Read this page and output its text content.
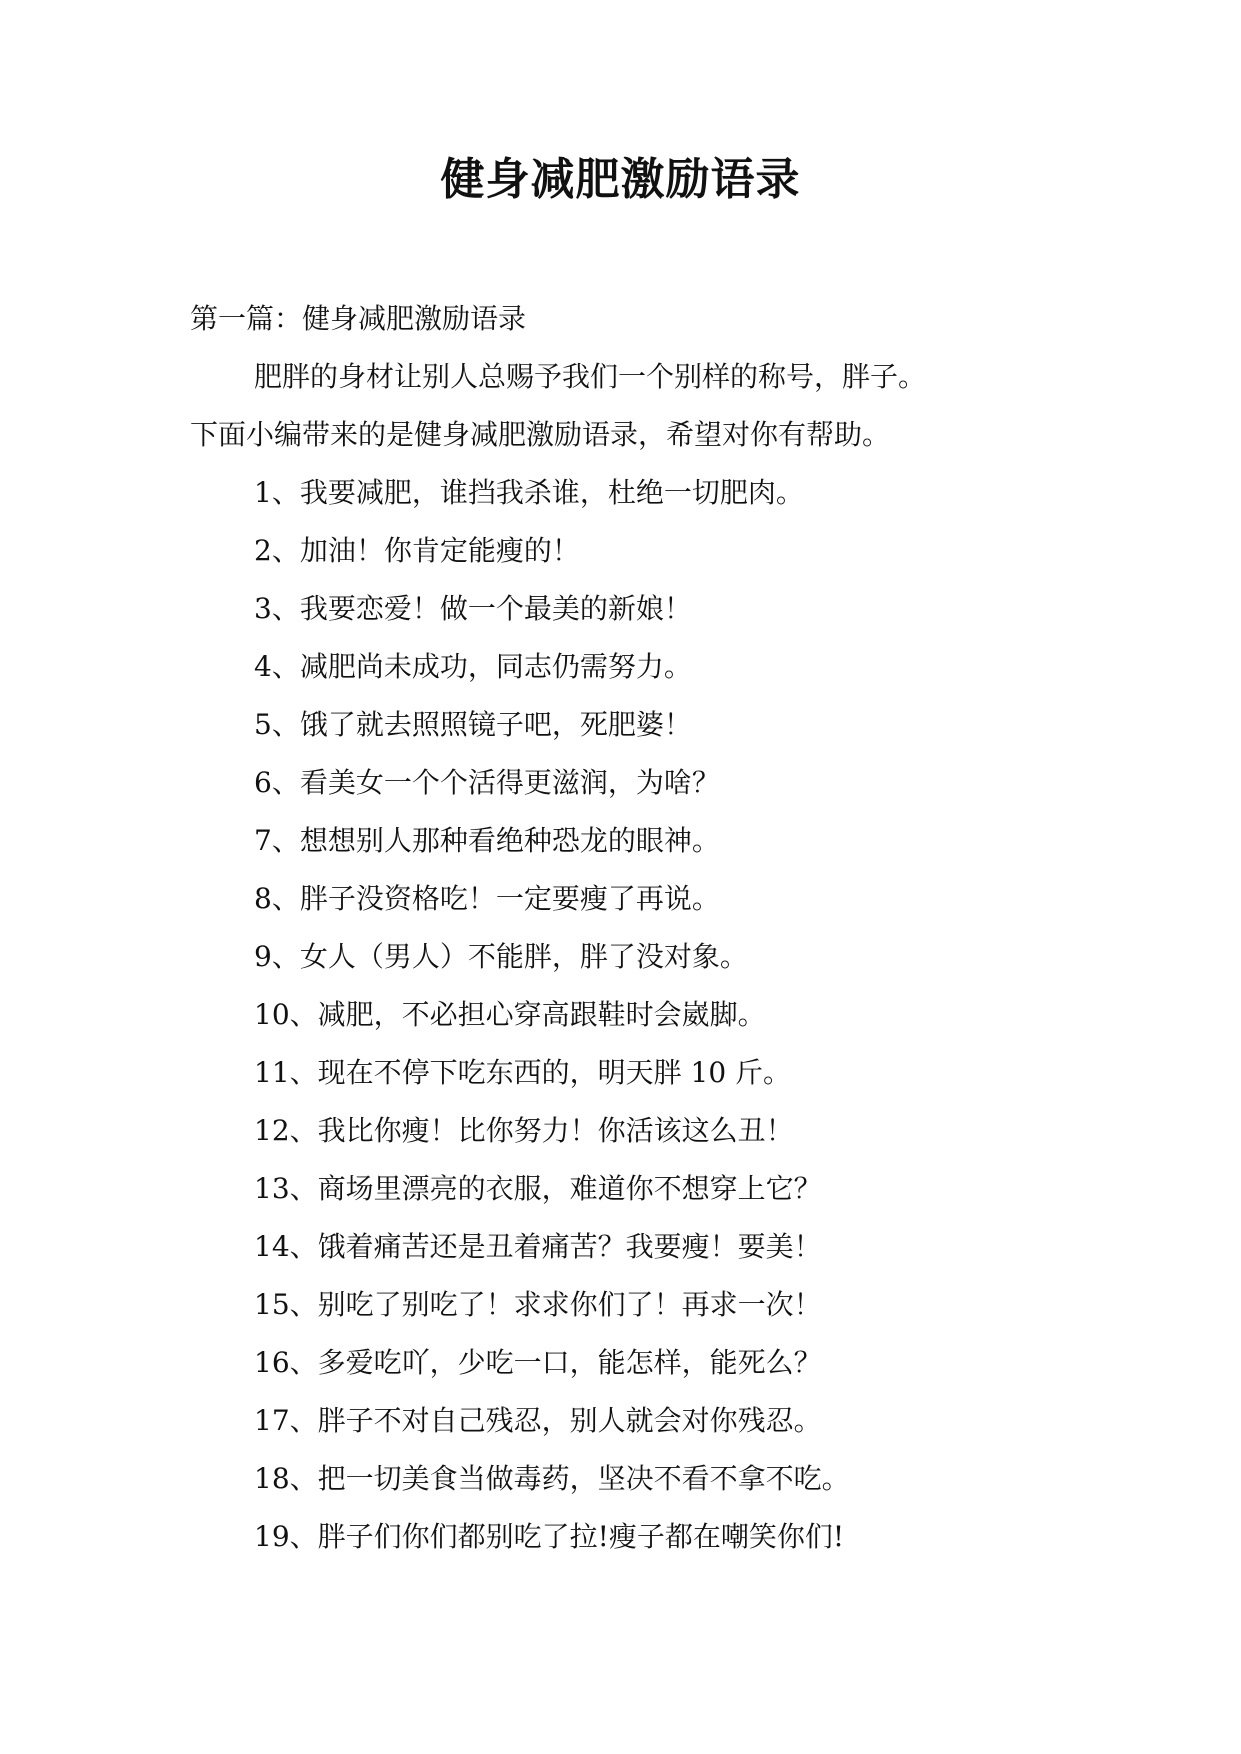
健身减肥激励语录
第一篇：健身减肥激励语录
肥胖的身材让别人总赐予我们一个别样的称号，胖子。
下面小编带来的是健身减肥激励语录，希望对你有帮助。
1、我要减肥，谁挡我杀谁，杜绝一切肥肉。
2、加油！你肯定能瘦的！
3、我要恋爱！做一个最美的新娘！
4、减肥尚未成功，同志仍需努力。
5、饿了就去照照镜子吧，死肥婆！
6、看美女一个个活得更滋润，为啥？
7、想想别人那种看绝种恐龙的眼神。
8、胖子没资格吃！一定要瘦了再说。
9、女人（男人）不能胖，胖了没对象。
10、减肥，不必担心穿高跟鞋时会崴脚。
11、现在不停下吃东西的，明天胖 10 斤。
12、我比你瘦！比你努力！你活该这么丑！
13、商场里漂亮的衣服，难道你不想穿上它？
14、饿着痛苦还是丑着痛苦？我要瘦！要美！
15、别吃了别吃了！求求你们了！再求一次！
16、多爱吃吖，少吃一口，能怎样，能死么？
17、胖子不对自己残忍，别人就会对你残忍。
18、把一切美食当做毒药，坚决不看不拿不吃。
19、胖子们你们都别吃了拉!瘦子都在嘲笑你们!
